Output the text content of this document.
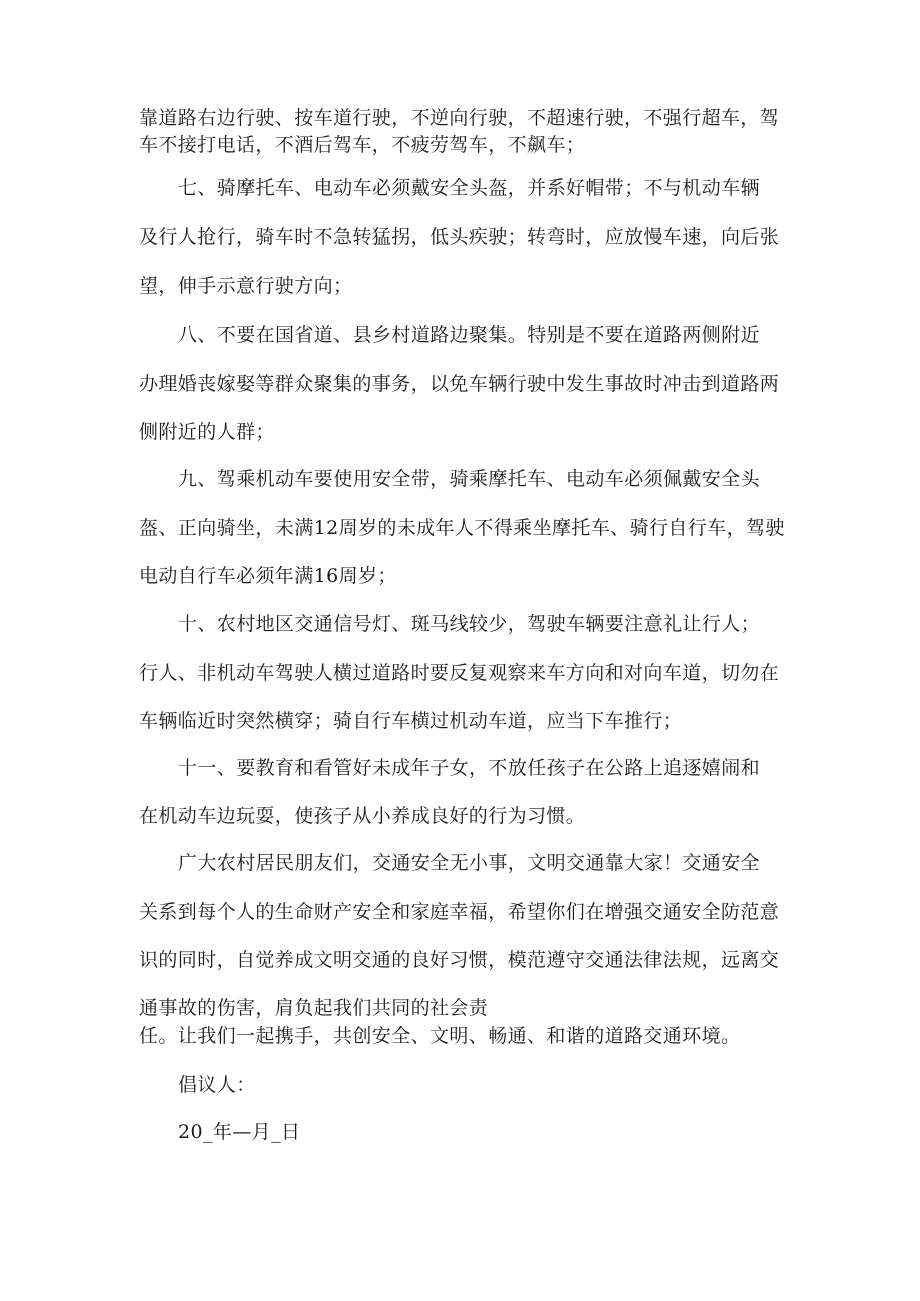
靠道路右边行驶、按车道行驶，不逆向行驶，不超速行驶，不强行超车，驾
车不接打电话，不酒后驾车，不疲劳驾车，不飙车；
七、骑摩托车、电动车必须戴安全头盔，并系好帽带；不与机动车辆
及行人抢行，骑车时不急转猛拐，低头疾驶；转弯时，应放慢车速，向后张
望，伸手示意行驶方向；
八、不要在国省道、县乡村道路边聚集。特别是不要在道路两侧附近
办理婚丧嫁娶等群众聚集的事务，以免车辆行驶中发生事故时冲击到道路两
侧附近的人群；
九、驾乘机动车要使用安全带，骑乘摩托车、电动车必须佩戴安全头
盔、正向骑坐，未满12周岁的未成年人不得乘坐摩托车、骑行自行车，驾驶
电动自行车必须年满16周岁；
十、农村地区交通信号灯、斑马线较少，驾驶车辆要注意礼让行人；
行人、非机动车驾驶人横过道路时要反复观察来车方向和对向车道，切勿在
车辆临近时突然横穿；骑自行车横过机动车道，应当下车推行；
十一、要教育和看管好未成年子女，不放任孩子在公路上追逐嬉闹和
在机动车边玩耍，使孩子从小养成良好的行为习惯。
广大农村居民朋友们，交通安全无小事，文明交通靠大家！交通安全
关系到每个人的生命财产安全和家庭幸福，希望你们在增强交通安全防范意
识的同时，自觉养成文明交通的良好习惯，模范遵守交通法律法规，远离交
通事故的伤害，肩负起我们共同的社会责
任。让我们一起携手，共创安全、文明、畅通、和谐的道路交通环境。
倡议人：
20_年—月_日
